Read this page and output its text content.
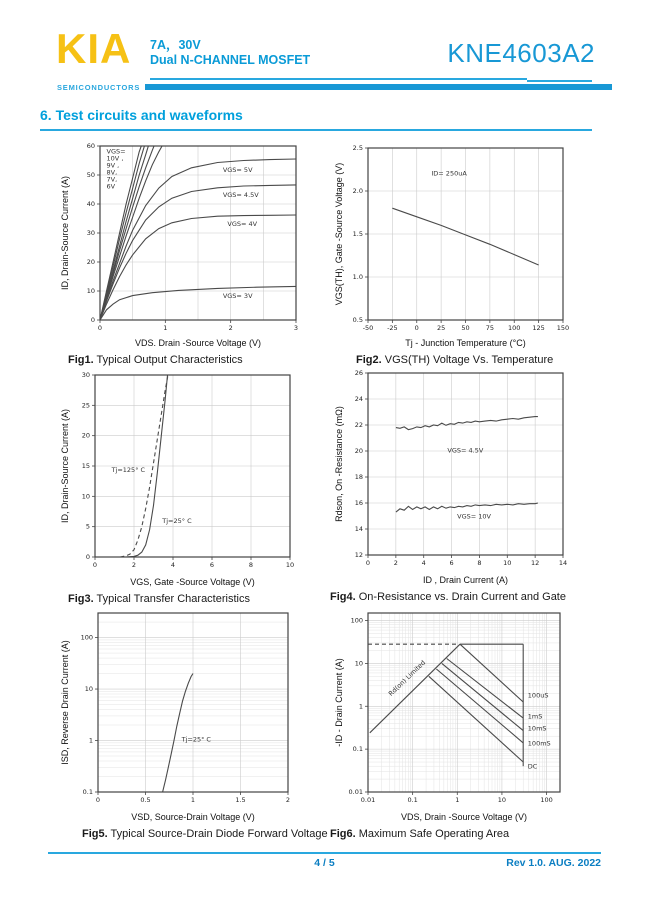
KIA
SEMICONDUCTORS
7A，30V
Dual N-CHANNEL MOSFET	KNE4603A2
6. Test circuits and waveforms
0	1	2	3
0
10
20
30
40
50
60
VDS. Drain -Source Voltage (V)
ID, Drain-Source Current (A)
VGS= 10V , 9V , 8V, 7V, 6V
VGS= 5V
VGS= 4.5V
VGS= 4V
VGS= 3V
Fig1. Typical Output Characteristics
-50 -25	0	25 50 75 100 125 150
0.5
1.0
1.5
2.0
2.5
Tj - Junction Temperature (°C)
VGS(TH), Gate -Source Voltage (V)	ID= 250uA
Fig2. VGS(TH) Voltage Vs. Temperature
0	2	4	6	8	10
0
5
10
15
20
25
30
VGS, Gate -Source Voltage (V)
ID, Drain-Source Current (A)	Tj=125° C
Tj=25° C
Fig3. Typical Transfer Characteristics
0	2	4	6	8	10	12	14
12
14
16
18
20
22
24
26
ID , Drain Current (A)
Rdson, On -Resistance (mΩ)	VGS= 4.5V
VGS= 10V
Fig4. On-Resistance vs. Drain Current and Gate
0	0.5	1	1.5	2
0.1
1
10
100
VSD, Source-Drain Voltage (V)
ISD, Reverse Drain Current (A)	Tj=25° C
Fig5. Typical Source-Drain Diode Forward Voltage
0.01	0.1	1	10	100
0.01
0.1
1
10
100
VDS, Drain -Source Voltage (V)
-ID - Drain Current (A)	Rd(on) Limited	100uS
1mS
10mS
100mS
DC
Fig6. Maximum Safe Operating Area
4 / 5	Rev 1.0. AUG. 2022
